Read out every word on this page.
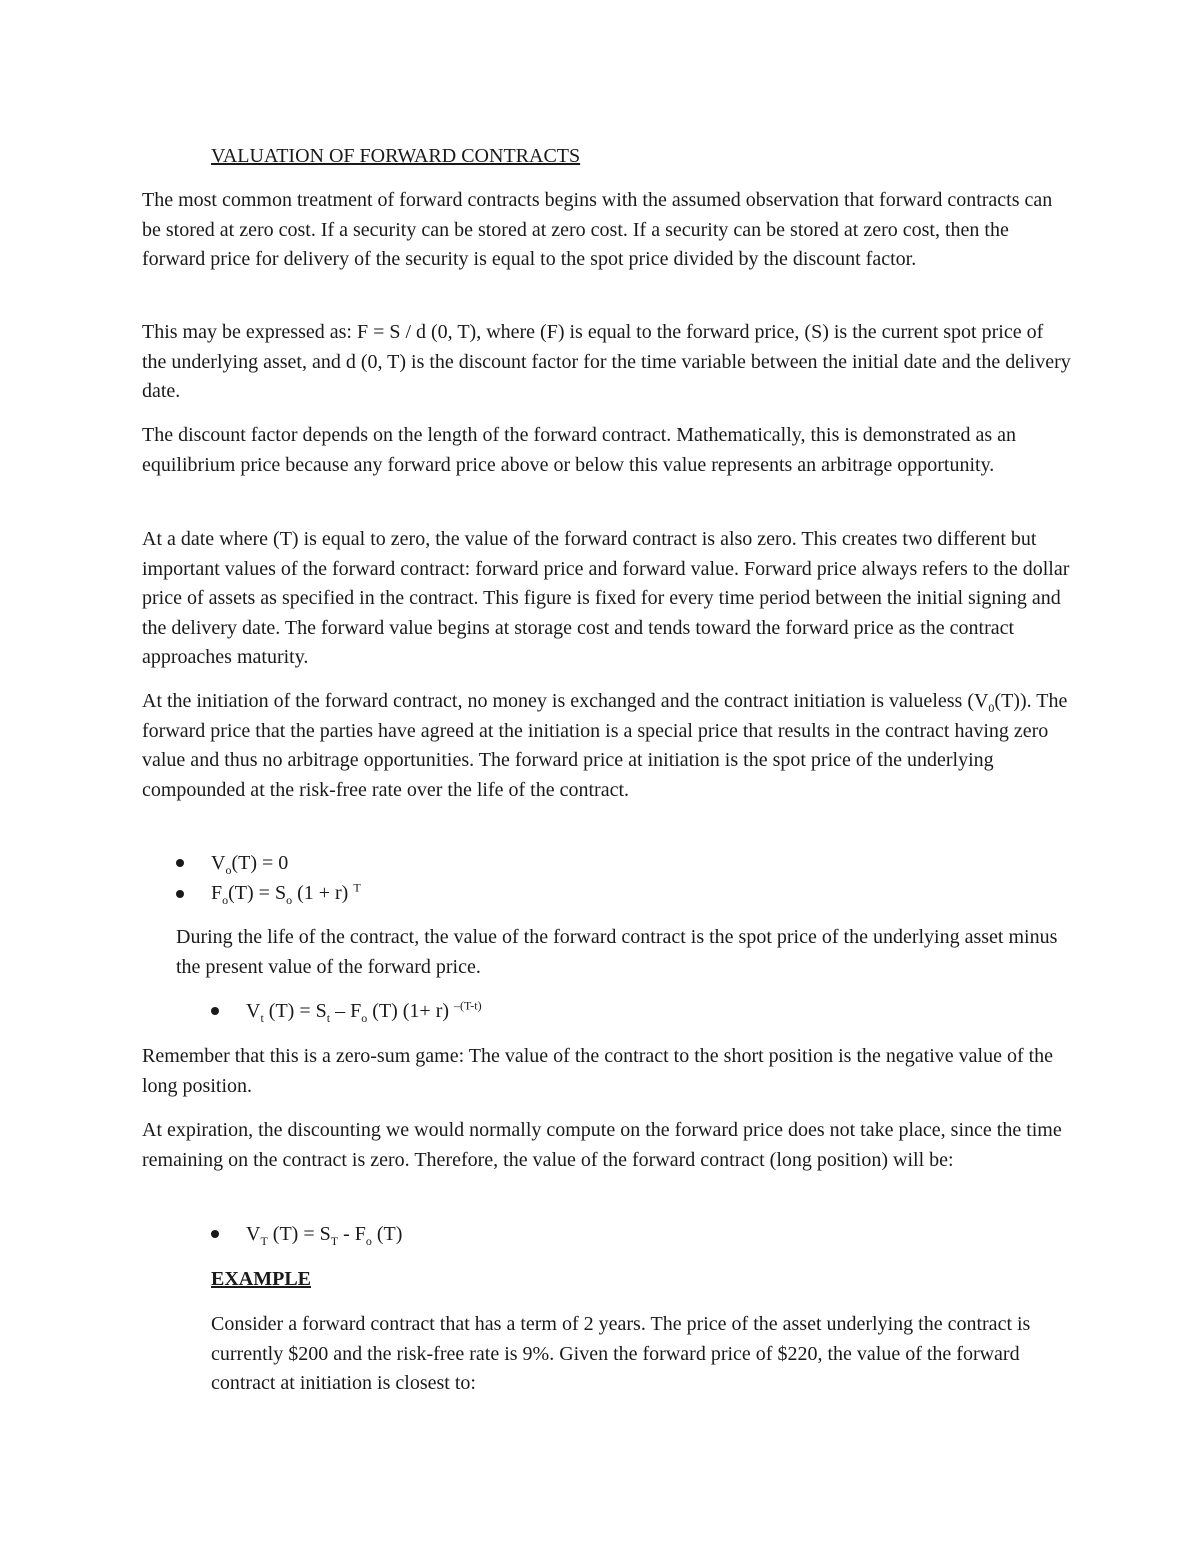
VALUATION OF FORWARD CONTRACTS

The most common treatment of forward contracts begins with the assumed observation that forward contracts can be stored at zero cost. If a security can be stored at zero cost. If a security can be stored at zero cost, then the forward price for delivery of the security is equal to the spot price divided by the discount factor.

This may be expressed as: F = S / d (0, T), where (F) is equal to the forward price, (S) is the current spot price of the underlying asset, and d (0, T) is the discount factor for the time variable between the initial date and the delivery date.

The discount factor depends on the length of the forward contract. Mathematically, this is demonstrated as an equilibrium price because any forward price above or below this value represents an arbitrage opportunity.

At a date where (T) is equal to zero, the value of the forward contract is also zero. This creates two different but important values of the forward contract: forward price and forward value. Forward price always refers to the dollar price of assets as specified in the contract. This figure is fixed for every time period between the initial signing and the delivery date. The forward value begins at storage cost and tends toward the forward price as the contract approaches maturity.

At the initiation of the forward contract, no money is exchanged and the contract initiation is valueless $(V_0(T))$. The forward price that the parties have agreed at the initiation is a special price that results in the contract having zero value and thus no arbitrage opportunities. The forward price at initiation is the spot price of the underlying compounded at the risk-free rate over the life of the contract.

$V_o(T) = 0$

$F_o(T) = S_o$ (1 + r) $^T$

During the life of the contract, the value of the forward contract is the spot price of the underlying asset minus the present value of the forward price.

$V_t$ $(T) = S_t - F_o$ (T) (1+ r) $^{-(T-t)}$

Remember that this is a zero-sum game: The value of the contract to the short position is the negative value of the long position.

At expiration, the discounting we would normally compute on the forward price does not take place, since the time remaining on the contract is zero. Therefore, the value of the forward contract (long position) will be:

$V_T$ $(T) = S_T - F_o$ (T)

EXAMPLE

Consider a forward contract that has a term of 2 years. The price of the asset underlying the contract is currently $200 and the risk-free rate is 9%. Given the forward price of $220, the value of the forward contract at initiation is closest to:
